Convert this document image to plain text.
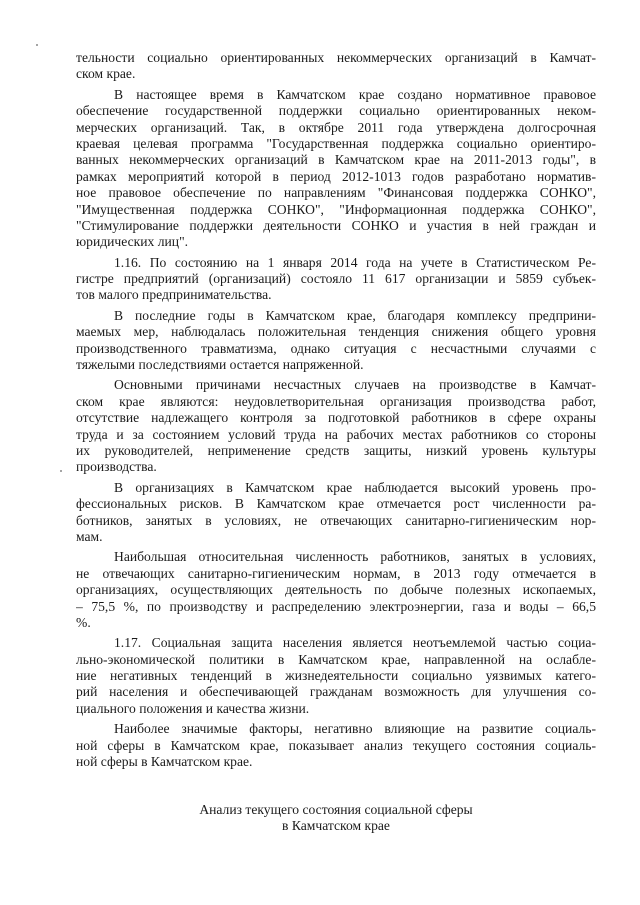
тельности социально ориентированных некоммерческих организаций в Камчат-
ском крае.
В настоящее время в Камчатском крае создано нормативное правовое
обеспечение государственной поддержки социально ориентированных неком-
мерческих организаций. Так, в октябре 2011 года утверждена долгосрочная
краевая целевая программа "Государственная поддержка социально ориентиро-
ванных некоммерческих организаций в Камчатском крае на 2011-2013 годы", в
рамках мероприятий которой в период 2012-1013 годов разработано норматив-
ное правовое обеспечение по направлениям "Финансовая поддержка СОНКО",
"Имущественная поддержка СОНКО", "Информационная поддержка СОНКО",
"Стимулирование поддержки деятельности СОНКО и участия в ней граждан и
юридических лиц".
1.16. По состоянию на 1 января 2014 года на учете в Статистическом Ре-
гистре предприятий (организаций) состояло 11 617 организации и 5859 субъек-
тов малого предпринимательства.
В последние годы в Камчатском крае, благодаря комплексу предприни-
маемых мер, наблюдалась положительная тенденция снижения общего уровня
производственного травматизма, однако ситуация с несчастными случаями с
тяжелыми последствиями остается напряженной.
Основными причинами несчастных случаев на производстве в Камчат-
ском крае являются: неудовлетворительная организация производства работ,
отсутствие надлежащего контроля за подготовкой работников в сфере охраны
труда и за состоянием условий труда на рабочих местах работников со стороны
их руководителей, неприменение средств защиты, низкий уровень культуры
производства.
В организациях в Камчатском крае наблюдается высокий уровень про-
фессиональных рисков. В Камчатском крае отмечается рост численности ра-
ботников, занятых в условиях, не отвечающих санитарно-гигиеническим нор-
мам.
Наибольшая относительная численность работников, занятых в условиях,
не отвечающих санитарно-гигиеническим нормам, в 2013 году отмечается в
организациях, осуществляющих деятельность по добыче полезных ископаемых,
– 75,5 %, по производству и распределению электроэнергии, газа и воды – 66,5
%.
1.17. Социальная защита населения является неотъемлемой частью социа-
льно-экономической политики в Камчатском крае, направленной на ослабле-
ние негативных тенденций в жизнедеятельности социально уязвимых катего-
рий населения и обеспечивающей гражданам возможность для улучшения со-
циального положения и качества жизни.
Наиболее значимые факторы, негативно влияющие на развитие социаль-
ной сферы в Камчатском крае, показывает анализ текущего состояния социаль-
ной сферы в Камчатском крае.
Анализ текущего состояния социальной сферы
в Камчатском крае
